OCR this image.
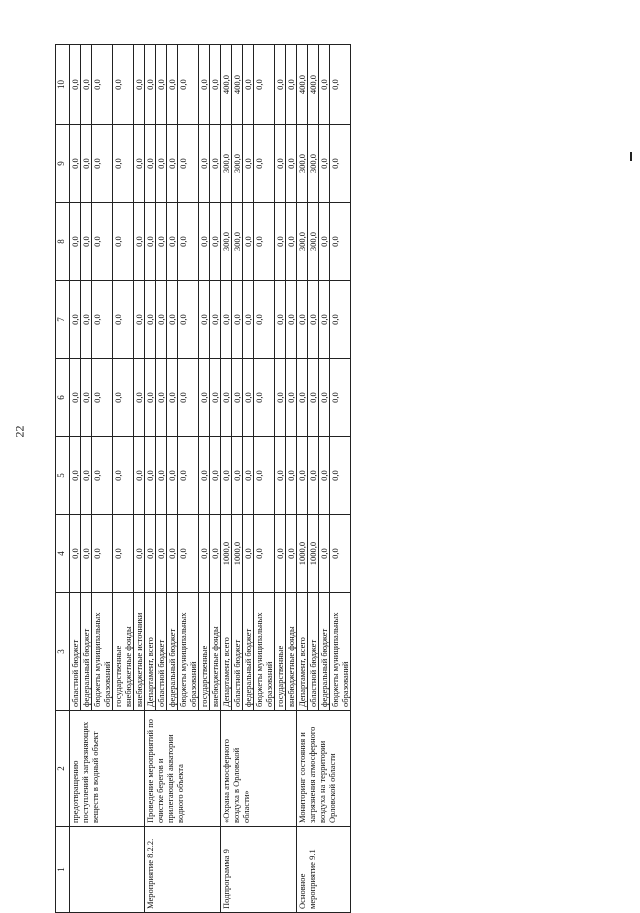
22
1	2	3	4	5	6	7	8	9	10
	предотвращению поступлений загрязняющих веществ в водный объект	областной бюджет	0,0	0,0	0,0	0,0	0,0	0,0	0,0
		федеральный бюджет	0,0	0,0	0,0	0,0	0,0	0,0	0,0
		бюджеты муниципальных образований	0,0	0,0	0,0	0,0	0,0	0,0	0,0
		государственные внебюджетные фонды	0,0	0,0	0,0	0,0	0,0	0,0	0,0
		внебюджетные источники	0,0	0,0	0,0	0,0	0,0	0,0	0,0
Мероприятие 8.2.2.	Проведение мероприятий по очистке берегов и прилегающей акватории водного объекта	Департамент, всего	0,0	0,0	0,0	0,0	0,0	0,0	0,0
		областной бюджет	0,0	0,0	0,0	0,0	0,0	0,0	0,0
		федеральный бюджет	0,0	0,0	0,0	0,0	0,0	0,0	0,0
		бюджеты муниципальных образований	0,0	0,0	0,0	0,0	0,0	0,0	0,0
		государственные	0,0	0,0	0,0	0,0	0,0	0,0	0,0
		внебюджетные фонды	0,0	0,0	0,0	0,0	0,0	0,0	0,0
Подпрограмма 9	«Охрана атмосферного воздуха в Орловской области»	Департамент, всего	1000,0	0,0	0,0	0,0	300,0	300,0	400,0
		областной бюджет	1000,0	0,0	0,0	0,0	300,0	300,0	400,0
		федеральный бюджет	0,0	0,0	0,0	0,0	0,0	0,0	0,0
		бюджеты муниципальных образований	0,0	0,0	0,0	0,0	0,0	0,0	0,0
		государственные	0,0	0,0	0,0	0,0	0,0	0,0	0,0
		внебюджетные фонды	0,0	0,0	0,0	0,0	0,0	0,0	0,0
Основное мероприятие 9.1	Мониторинг состояния и загрязнения атмосферного воздуха на территории Орловской области	Департамент, всего	1000,0	0,0	0,0	0,0	300,0	300,0	400,0
		областной бюджет	1000,0	0,0	0,0	0,0	300,0	300,0	400,0
		федеральный бюджет	0,0	0,0	0,0	0,0	0,0	0,0	0,0
		бюджеты муниципальных образований	0,0	0,0	0,0	0,0	0,0	0,0	0,0
